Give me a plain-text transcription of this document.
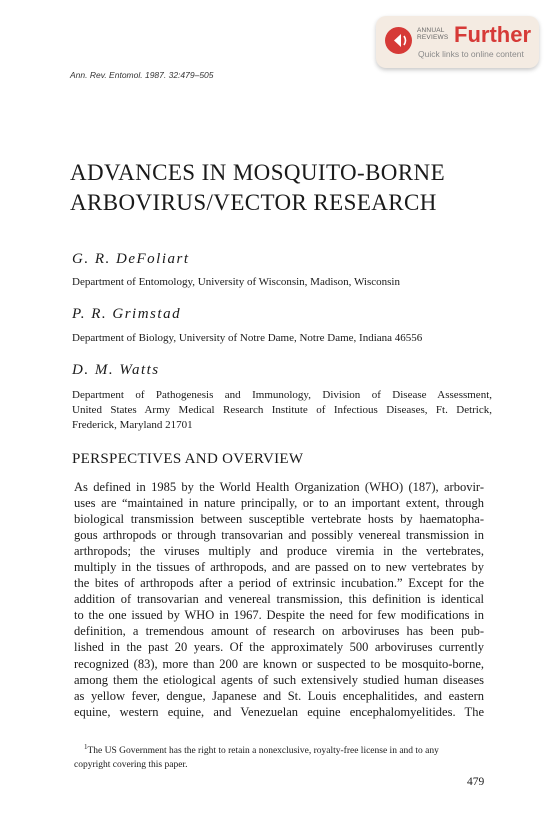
ANNUAL
REVIEWS Further
Quick links to online content
Ann. Rev. Entomol. 1987. 32:479–505
ADVANCES IN MOSQUITO-BORNE
ARBOVIRUS/VECTOR RESEARCH
G. R. DeFoliart
Department of Entomology, University of Wisconsin, Madison, Wisconsin
P. R. Grimstad
Department of Biology, University of Notre Dame, Notre Dame, Indiana 46556
D. M. Watts
Department of Pathogenesis and Immunology, Division of Disease Assessment,
United States Army Medical Research Institute of Infectious Diseases, Ft. Detrick,
Frederick, Maryland 21701
PERSPECTIVES AND OVERVIEW
As defined in 1985 by the World Health Organization (WHO) (187), arbovir-
uses are “maintained in nature principally, or to an important extent, through
biological transmission between susceptible vertebrate hosts by haematopha-
gous arthropods or through transovarian and possibly venereal transmission in
arthropods; the viruses multiply and produce viremia in the vertebrates,
multiply in the tissues of arthropods, and are passed on to new vertebrates by
the bites of arthropods after a period of extrinsic incubation.” Except for the
addition of transovarian and venereal transmission, this definition is identical
to the one issued by WHO in 1967. Despite the need for few modifications in
definition, a tremendous amount of research on arboviruses has been pub-
lished in the past 20 years. Of the approximately 500 arboviruses currently
recognized (83), more than 200 are known or suspected to be mosquito-borne,
among them the etiological agents of such extensively studied human diseases
as yellow fever, dengue, Japanese and St. Louis encephalitides, and eastern
equine, western equine, and Venezuelan equine encephalomyelitides. The
$^1$The US Government has the right to retain a nonexclusive, royalty-free license in and to any
copyright covering this paper.
479
